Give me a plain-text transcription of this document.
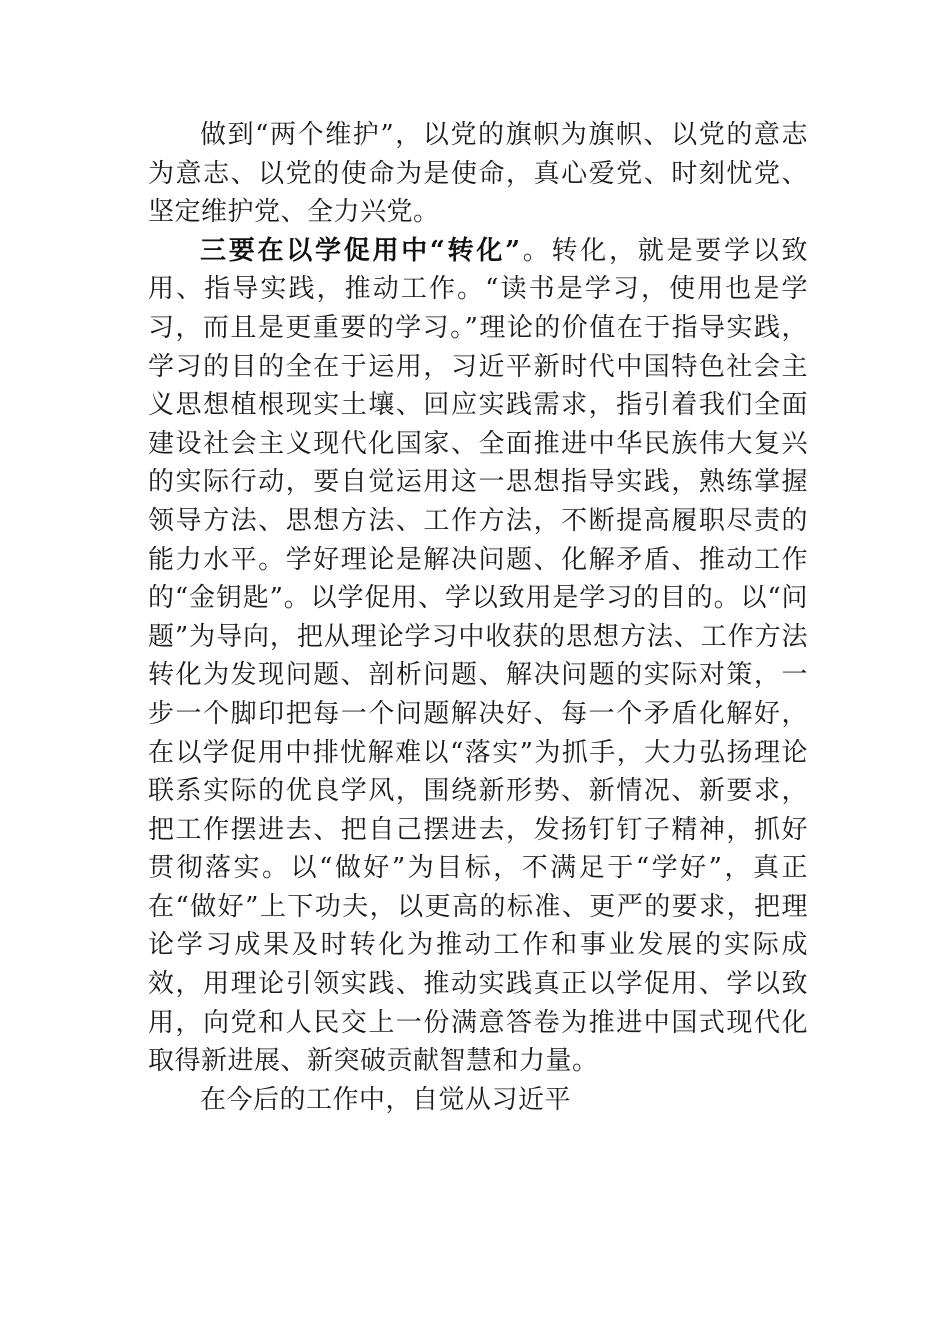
做到“两个维护”，以党的旗帜为旗帜、以党的意志为意志、以党的使命为是使命，真心爱党、时刻忧党、坚定维护党、全力兴党。

三要在以学促用中“转化”。转化，就是要学以致用、指导实践，推动工作。“读书是学习，使用也是学习，而且是更重要的学习。”理论的价值在于指导实践，学习的目的全在于运用，习近平新时代中国特色社会主义思想植根现实土壤、回应实践需求，指引着我们全面建设社会主义现代化国家、全面推进中华民族伟大复兴的实际行动，要自觉运用这一思想指导实践，熟练掌握领导方法、思想方法、工作方法，不断提高履职尽责的能力水平。学好理论是解决问题、化解矛盾、推动工作的“金钥匙”。以学促用、学以致用是学习的目的。以“问题”为导向，把从理论学习中收获的思想方法、工作方法转化为发现问题、剖析问题、解决问题的实际对策，一步一个脚印把每一个问题解决好、每一个矛盾化解好，在以学促用中排忧解难以“落实”为抓手，大力弘扬理论联系实际的优良学风，围绕新形势、新情况、新要求，把工作摆进去、把自己摆进去，发扬钉钉子精神，抓好贯彻落实。以“做好”为目标，不满足于“学好”，真正在“做好”上下功夫，以更高的标准、更严的要求，把理论学习成果及时转化为推动工作和事业发展的实际成效，用理论引领实践、推动实践真正以学促用、学以致用，向党和人民交上一份满意答卷为推进中国式现代化取得新进展、新突破贡献智慧和力量。

在今后的工作中，自觉从习近平
